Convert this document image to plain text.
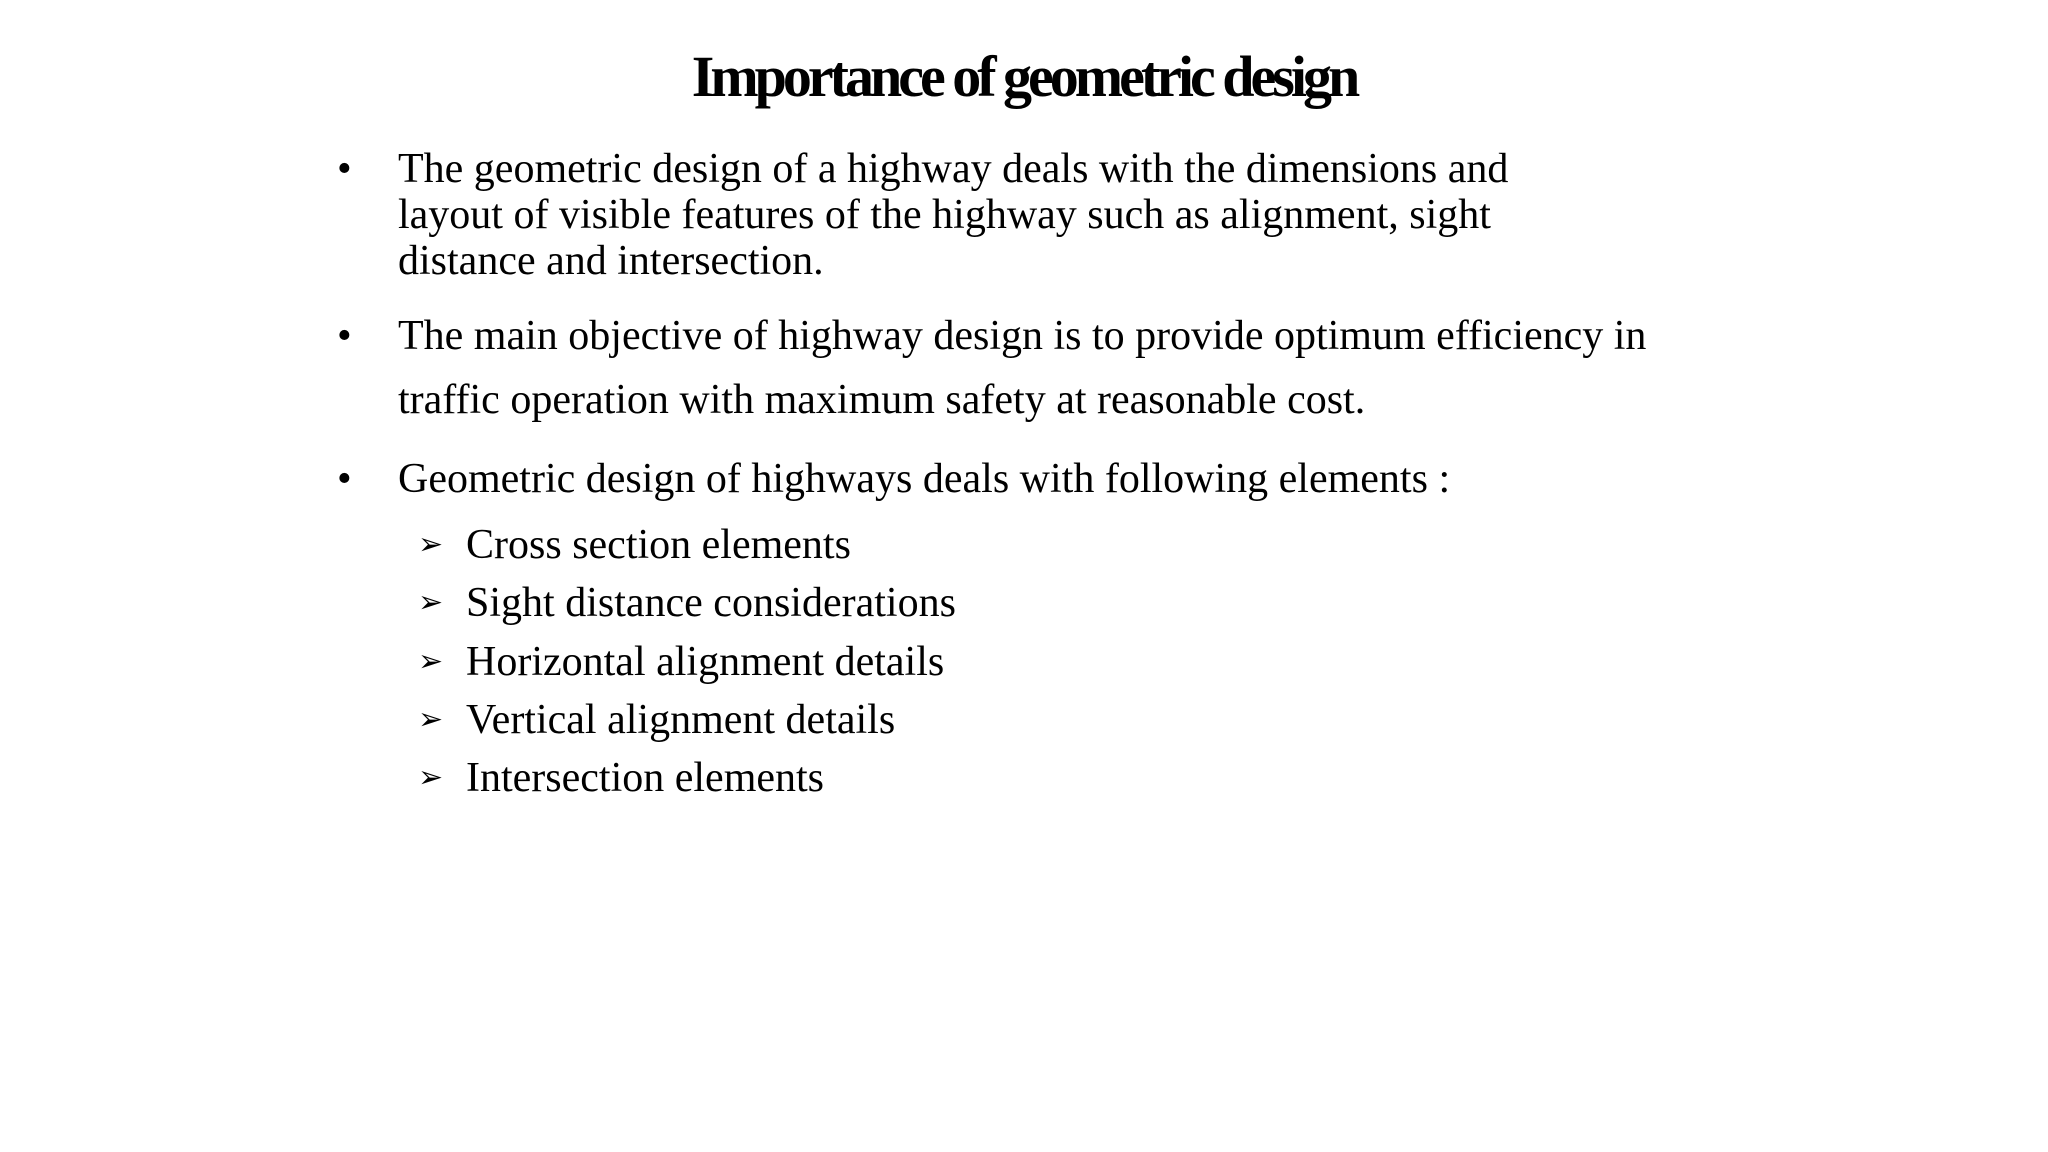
Importance of geometric design
•	The geometric design of a highway deals with the dimensions and
layout of visible features of the highway such as alignment, sight
distance and intersection.
•	The main objective of highway design is to provide optimum efficiency in
traffic operation with maximum safety at reasonable cost.
•	Geometric design of highways deals with following elements :
➢ Cross section elements
➢ Sight distance considerations
➢ Horizontal alignment details
➢ Vertical alignment details
➢ Intersection elements
